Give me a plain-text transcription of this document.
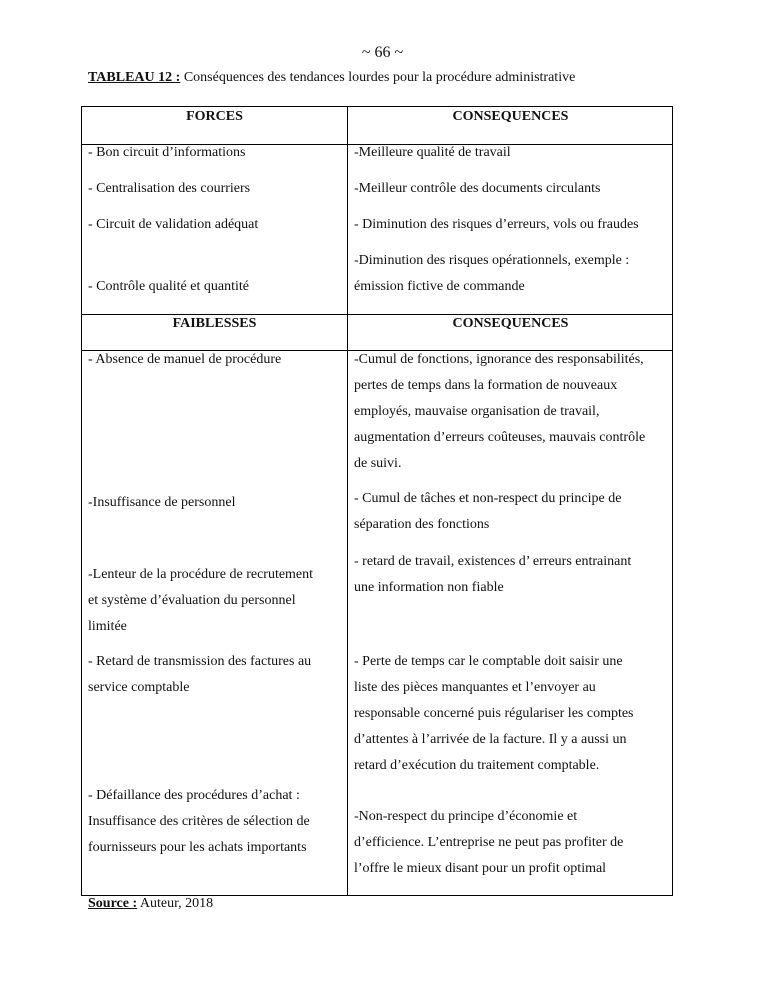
~ 66 ~
TABLEAU 12 : Conséquences des tendances lourdes pour la procédure administrative
FORCES	CONSEQUENCES
- Bon circuit d’informations
- Centralisation des courriers
- Circuit de validation adéquat
- Contrôle qualité et quantité
-Meilleure qualité de travail
-Meilleur contrôle des documents circulants
- Diminution des risques d’erreurs, vols ou fraudes
-Diminution des risques opérationnels, exemple :
émission fictive de commande
FAIBLESSES	CONSEQUENCES
- Absence de manuel de procédure
-Insuffisance de personnel
-Lenteur de la procédure de recrutement
et système d’évaluation du personnel
limitée
- Retard de transmission des factures au
service comptable
- Défaillance des procédures d’achat :
Insuffisance des critères de sélection de
fournisseurs pour les achats importants
-Cumul de fonctions, ignorance des responsabilités,
pertes de temps dans la formation de nouveaux
employés, mauvaise organisation de travail,
augmentation d’erreurs coûteuses, mauvais contrôle
de suivi.
- Cumul de tâches et non-respect du principe de
séparation des fonctions
- retard de travail, existences d’ erreurs entrainant
une information non fiable
- Perte de temps car le comptable doit saisir une
liste des pièces manquantes et l’envoyer au
responsable concerné puis régulariser les comptes
d’attentes à l’arrivée de la facture. Il y a aussi un
retard d’exécution du traitement comptable.
-Non-respect du principe d’économie et
d’efficience. L’entreprise ne peut pas profiter de
l’offre le mieux disant pour un profit optimal
Source : Auteur, 2018
